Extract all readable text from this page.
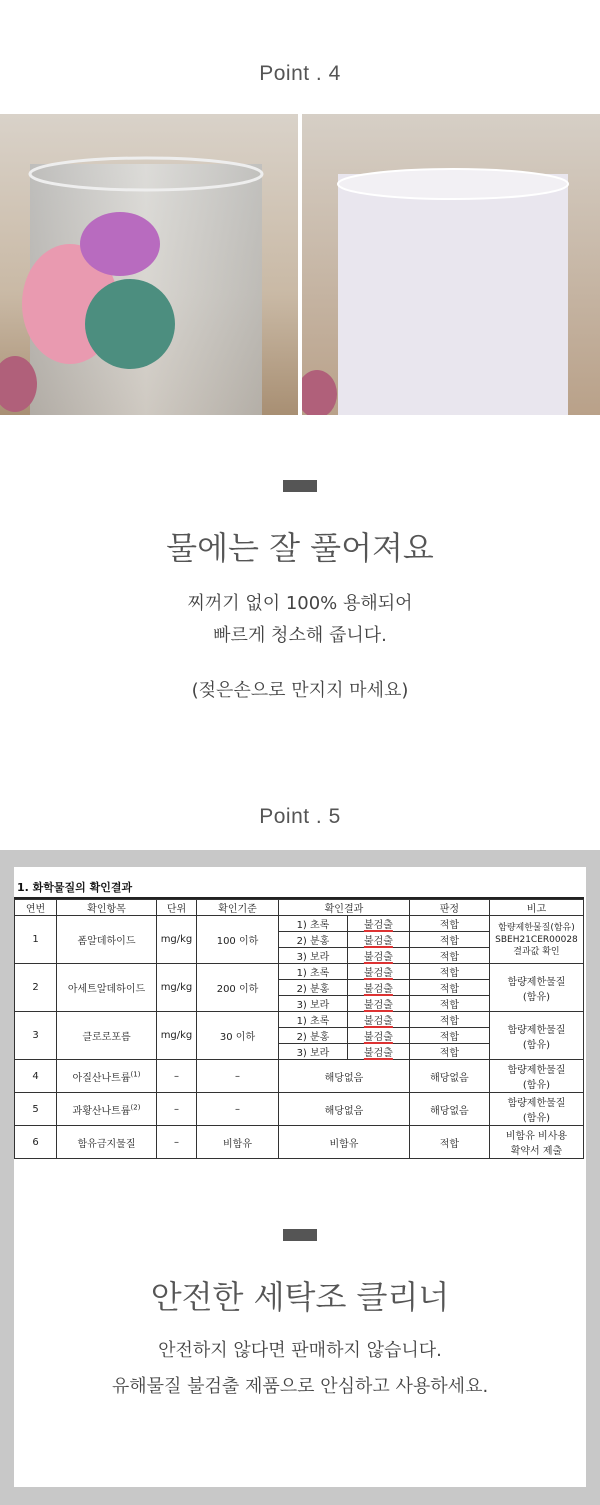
Point . 4
물에는 잘 풀어져요
찌꺼기 없이 100% 용해되어
빠르게 청소해 줍니다.
(젖은손으로 만지지 마세요)
Point . 5
1. 화학물질의 확인결과
연번	확인항목	단위	확인기준	확인결과		판정	비고
1	폼알데하이드	mg/kg	100 이하	1) 초록	불검출	적합	함량제한물질(함유)
SBEH21CER00028
결과값 확인

				2) 분홍	불검출	적합	
				3) 보라	불검출	적합	
2	아세트알데하이드	mg/kg	200 이하	1) 초록	불검출	적합	함량제한물질
(함유)

				2) 분홍	불검출	적합	
				3) 보라	불검출	적합	
3	클로로포름	mg/kg	30 이하	1) 초록	불검출	적합	함량제한물질
(함유)

				2) 분홍	불검출	적합	
				3) 보라	불검출	적합	
4	아질산나트륨$^{(1)}$	–	–	해당없음		해당없음	함량제한물질
(함유)

5	과황산나트륨$^{(2)}$	–	–	해당없음		해당없음	함량제한물질
(함유)

6	함유금지물질	–	비함유	비함유		적합	비함유 비사용
확약서 제출
안전한 세탁조 클리너
안전하지 않다면 판매하지 않습니다.
유해물질 불검출 제품으로 안심하고 사용하세요.
